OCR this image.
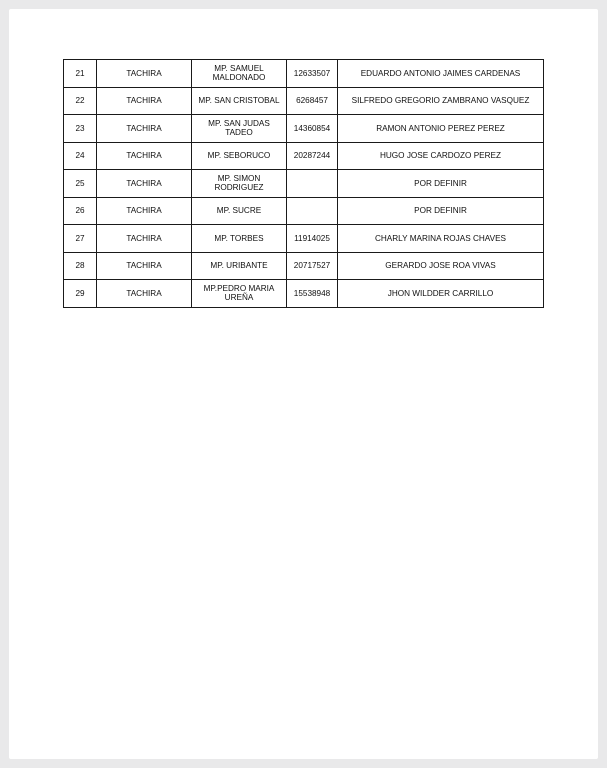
21	TACHIRA	MP. SAMUEL MALDONADO	12633507	EDUARDO ANTONIO JAIMES CARDENAS
22	TACHIRA	MP. SAN CRISTOBAL	6268457	SILFREDO GREGORIO ZAMBRANO VASQUEZ
23	TACHIRA	MP. SAN JUDAS TADEO	14360854	RAMON ANTONIO PEREZ PEREZ
24	TACHIRA	MP. SEBORUCO	20287244	HUGO JOSE CARDOZO PEREZ
25	TACHIRA	MP. SIMON RODRIGUEZ		POR DEFINIR
26	TACHIRA	MP. SUCRE		POR DEFINIR
27	TACHIRA	MP. TORBES	11914025	CHARLY MARINA ROJAS CHAVES
28	TACHIRA	MP. URIBANTE	20717527	GERARDO JOSE ROA VIVAS
29	TACHIRA	MP.PEDRO MARIA UREÑA	15538948	JHON WILDDER CARRILLO
